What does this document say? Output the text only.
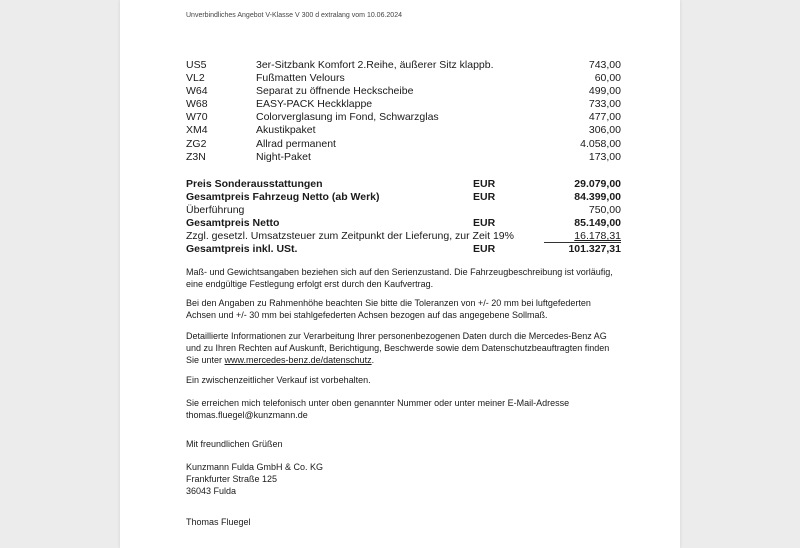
Unverbindliches Angebot V-Klasse V 300 d extralang vom 10.06.2024
US5	3er-Sitzbank Komfort 2.Reihe, äußerer Sitz klappb.	743,00
VL2	Fußmatten Velours	60,00
W64	Separat zu öffnende Heckscheibe	499,00
W68	EASY-PACK Heckklappe	733,00
W70	Colorverglasung im Fond, Schwarzglas	477,00
XM4	Akustikpaket	306,00
ZG2	Allrad permanent	4.058,00
Z3N	Night-Paket	173,00
Preis Sonderausstattungen	EUR	29.079,00
Gesamtpreis Fahrzeug Netto (ab Werk)	EUR	84.399,00
Überführung	750,00
Gesamtpreis Netto	EUR	85.149,00
Zzgl. gesetzl. Umsatzsteuer zum Zeitpunkt der Lieferung, zur Zeit 19%	16.178,31
Gesamtpreis inkl. USt.	EUR	101.327,31
Maß- und Gewichtsangaben beziehen sich auf den Serienzustand. Die Fahrzeugbeschreibung ist vorläufig,
eine endgültige Festlegung erfolgt erst durch den Kaufvertrag.
Bei den Angaben zu Rahmenhöhe beachten Sie bitte die Toleranzen von +/- 20 mm bei luftgefederten
Achsen und +/- 30 mm bei stahlgefederten Achsen bezogen auf das angegebene Sollmaß.
Detaillierte Informationen zur Verarbeitung Ihrer personenbezogenen Daten durch die Mercedes-Benz AG
und zu Ihren Rechten auf Auskunft, Berichtigung, Beschwerde sowie dem Datenschutzbeauftragten finden
Sie unter www.mercedes-benz.de/datenschutz.
Ein zwischenzeitlicher Verkauf ist vorbehalten.
Sie erreichen mich telefonisch unter oben genannter Nummer oder unter meiner E-Mail-Adresse
thomas.fluegel@kunzmann.de
Mit freundlichen Grüßen
Kunzmann Fulda GmbH & Co. KG
Frankfurter Straße 125
36043 Fulda
Thomas Fluegel
